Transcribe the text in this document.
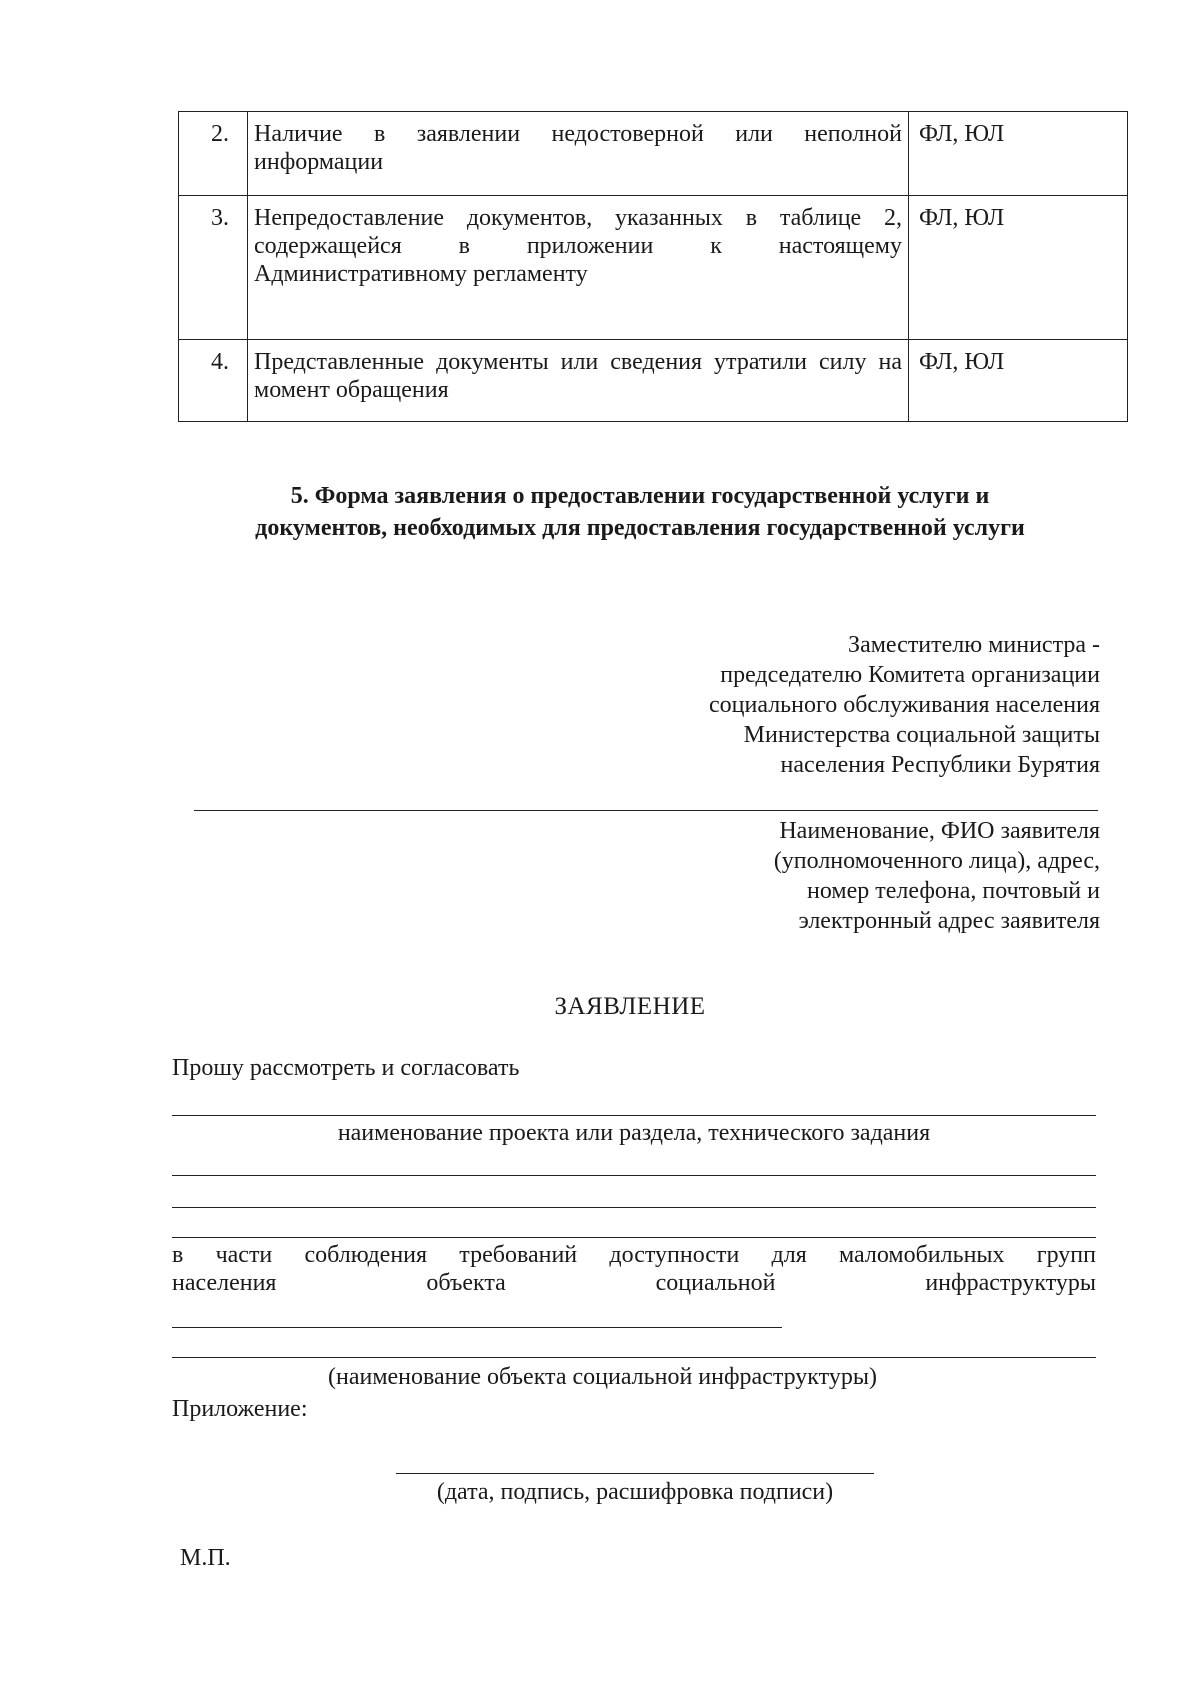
2.	Наличие в заявлении недостоверной или неполной информации	ФЛ, ЮЛ
3.	Непредоставление документов, указанных в таблице 2, содержащейся в приложении к настоящему Административному регламенту	ФЛ, ЮЛ
4.	Представленные документы или сведения утратили силу на момент обращения	ФЛ, ЮЛ
5. Форма заявления о предоставлении государственной услуги и
документов, необходимых для предоставления государственной услуги
Заместителю министра -
председателю Комитета организации
социального обслуживания населения
Министерства социальной защиты
населения Республики Бурятия
Наименование, ФИО заявителя
(уполномоченного лица), адрес,
номер телефона, почтовый и
электронный адрес заявителя
ЗАЯВЛЕНИЕ
Прошу рассмотреть и согласовать
наименование проекта или раздела, технического задания
в части соблюдения требований доступности для маломобильных групп
населения объекта социальной инфраструктуры
(наименование объекта социальной инфраструктуры)
Приложение:
(дата, подпись, расшифровка подписи)
М.П.
